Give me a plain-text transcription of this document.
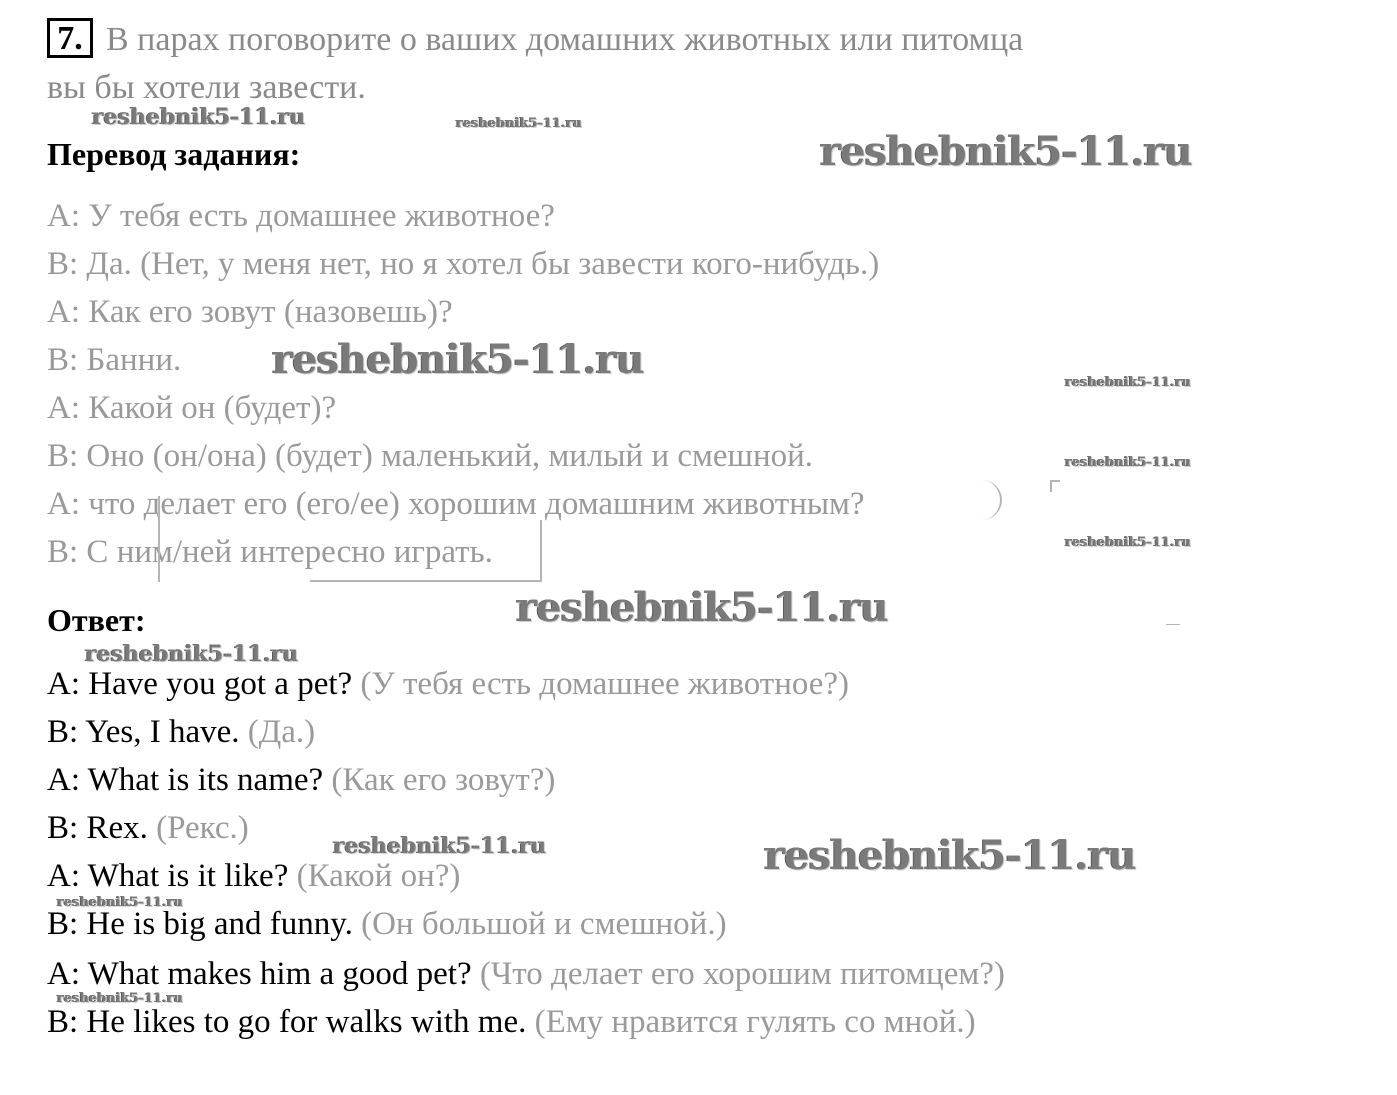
7. В парах поговорите о ваших домашних животных или питомца
вы бы хотели завести.
Перевод задания:
А: У тебя есть домашнее животное?
В: Да. (Нет, у меня нет, но я хотел бы завести кого-нибудь.)
А: Как его зовут (назовешь)?
В: Банни.
А: Какой он (будет)?
В: Оно (он/она) (будет) маленький, милый и смешной.
А: что делает его (его/ее) хорошим домашним животным?
В: С ним/ней интересно играть.
Ответ:
A: Have you got a pet? (У тебя есть домашнее животное?)
B: Yes, I have. (Да.)
A: What is its name? (Как его зовут?)
B: Rex. (Рекс.)
A: What is it like? (Какой он?)
B: He is big and funny. (Он большой и смешной.)
A: What makes him a good pet? (Что делает его хорошим питомцем?)
B: He likes to go for walks with me. (Ему нравится гулять со мной.)
reshebnik5-11.ru	reshebnik5-11.ru
reshebnik5-11.ru
reshebnik5-11.ru	reshebnik5-11.ru
reshebnik5-11.ru
reshebnik5-11.ru
reshebnik5-11.ru
reshebnik5-11.ru
reshebnik5-11.ru	reshebnik5-11.ru
reshebnik5-11.ru
reshebnik5-11.ru
